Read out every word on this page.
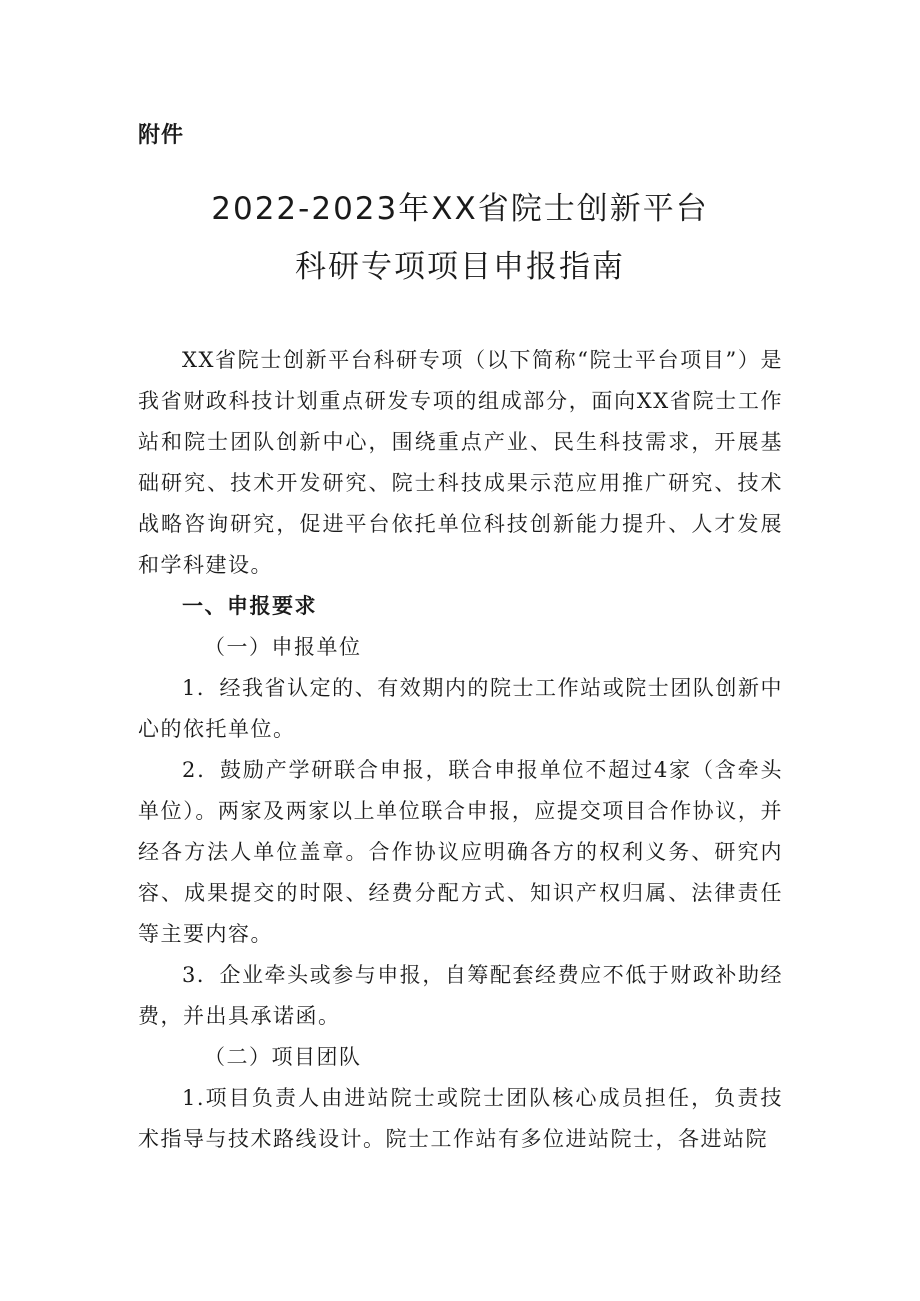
附件
2022-2023年XX省院士创新平台
科研专项项目申报指南

XX省院士创新平台科研专项（以下简称“院士平台项目”）是我省财政科技计划重点研发专项的组成部分，面向XX省院士工作站和院士团队创新中心，围绕重点产业、民生科技需求，开展基础研究、技术开发研究、院士科技成果示范应用推广研究、技术战略咨询研究，促进平台依托单位科技创新能力提升、人才发展和学科建设。

一、申报要求

（一）申报单位

1．经我省认定的、有效期内的院士工作站或院士团队创新中心的依托单位。

2．鼓励产学研联合申报，联合申报单位不超过4家（含牵头单位）。两家及两家以上单位联合申报，应提交项目合作协议，并经各方法人单位盖章。合作协议应明确各方的权利义务、研究内容、成果提交的时限、经费分配方式、知识产权归属、法律责任等主要内容。

3．企业牵头或参与申报，自筹配套经费应不低于财政补助经费，并出具承诺函。

（二）项目团队

1.项目负责人由进站院士或院士团队核心成员担任，负责技术指导与技术路线设计。院士工作站有多位进站院士，各进站院
